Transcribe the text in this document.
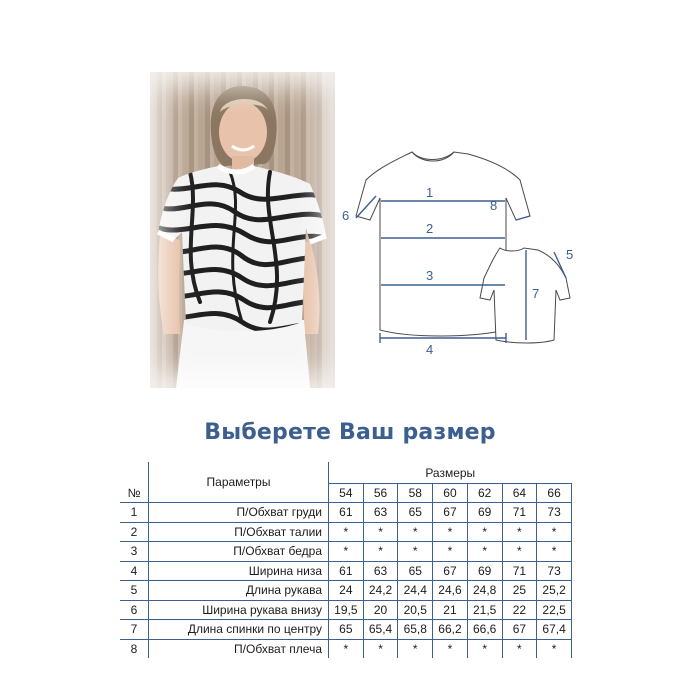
1
2
3
4
5
6
7
8
Выберете Ваш размер
№	Параметры	Размеры						
		54	56	58	60	62	64	66
1	П/Обхват груди	61	63	65	67	69	71	73
2	П/Обхват талии	*	*	*	*	*	*	*
3	П/Обхват бедра	*	*	*	*	*	*	*
4	Ширина низа	61	63	65	67	69	71	73
5	Длина рукава	24	24,2	24,4	24,6	24,8	25	25,2
6	Ширина рукава внизу	19,5	20	20,5	21	21,5	22	22,5
7	Длина спинки по центру	65	65,4	65,8	66,2	66,6	67	67,4
8	П/Обхват плеча	*	*	*	*	*	*	*
